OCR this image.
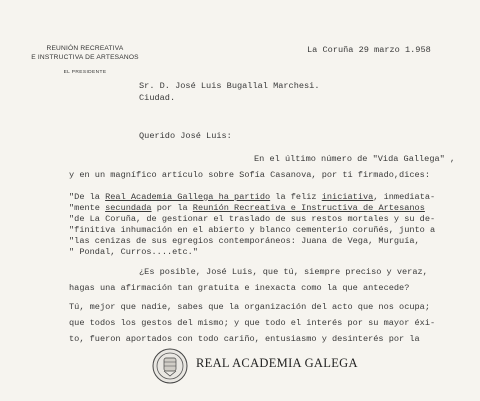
REUNIÓN RECREATIVA
E INSTRUCTIVA DE ARTESANOS
EL PRESIDENTE
La Coruña 29 marzo 1.958
Sr. D. José Luis Bugallal Marchesi.
Ciudad.
Querido José Luis:
En el último número de "Vida Gallega" ,
y en un magnífico artículo sobre Sofía Casanova, por ti firmado,dices:
"De la Real Academia Gallega ha partido la feliz iniciativa, inmediata-
"mente secundada por la Reunión Recreativa e Instructiva de Artesanos
"de La Coruña, de gestionar el traslado de sus restos mortales y su de-
"finitiva inhumación en el abierto y blanco cementerio coruñés, junto a
"las cenizas de sus egregios contemporáneos: Juana de Vega, Murguía,
" Pondal, Curros....etc."
¿Es posible, José Luis, que tú, siempre preciso y veraz,
hagas una afirmación tan gratuita e inexacta como la que antecede?
Tú, mejor que nadie, sabes que la organización del acto que nos ocupa;
que todos los gestos del mismo; y que todo el interés por su mayor éxi-
to, fueron aportados con todo cariño, entusiasmo y desinterés por la
REAL ACADEMIA GALEGA
